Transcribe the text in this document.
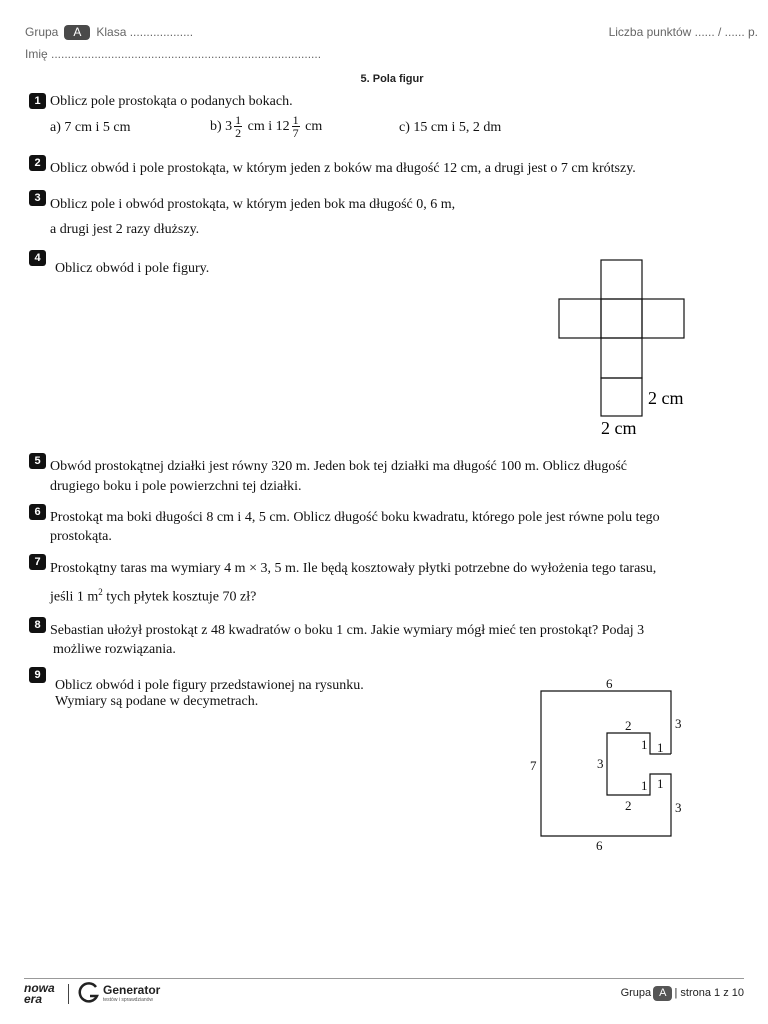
Grupa A Klasa ...................	Liczba punktów ...... / ...... p.
Imię .................................................................................
5. Pola figur
1 Oblicz pole prostokąta o podanych bokach.
a) 7 cm i 5 cm	b) $3 \frac{1}{2}$ cm i $12 \frac{1}{7}$ cm	c) 15 cm i 5, 2 dm
2 Oblicz obwód i pole prostokąta, w którym jeden z boków ma długość 12 cm, a drugi jest o 7 cm krótszy.
3 Oblicz pole i obwód prostokąta, w którym jeden bok ma długość 0, 6 m,
a drugi jest 2 razy dłuższy.
4
Oblicz obwód i pole figury.
2 cm
2 cm
5 Obwód prostokątnej działki jest równy 320 m. Jeden bok tej działki ma długość 100 m. Oblicz długość
drugiego boku i pole powierzchni tej działki.
6 Prostokąt ma boki długości 8 cm i 4, 5 cm. Oblicz długość boku kwadratu, którego pole jest równe polu tego
prostokąta.
7 Prostokątny taras ma wymiary 4 m × 3, 5 m. Ile będą kosztowały płytki potrzebne do wyłożenia tego tarasu,
jeśli 1 $m^2$ tych płytek kosztuje 70 zł?
8 Sebastian ułożył prostokąt z 48 kwadratów o boku 1 cm. Jakie wymiary mógł mieć ten prostokąt? Podaj 3
możliwe rozwiązania.
9
Oblicz obwód i pole figury przedstawionej na rysunku.
Wymiary są podane w decymetrach.
6
6
7
3
3
2
2
3
1 1
1 1
nowa
era
Generator
testów i sprawdzianów
Grupa A | strona 1 z 10
